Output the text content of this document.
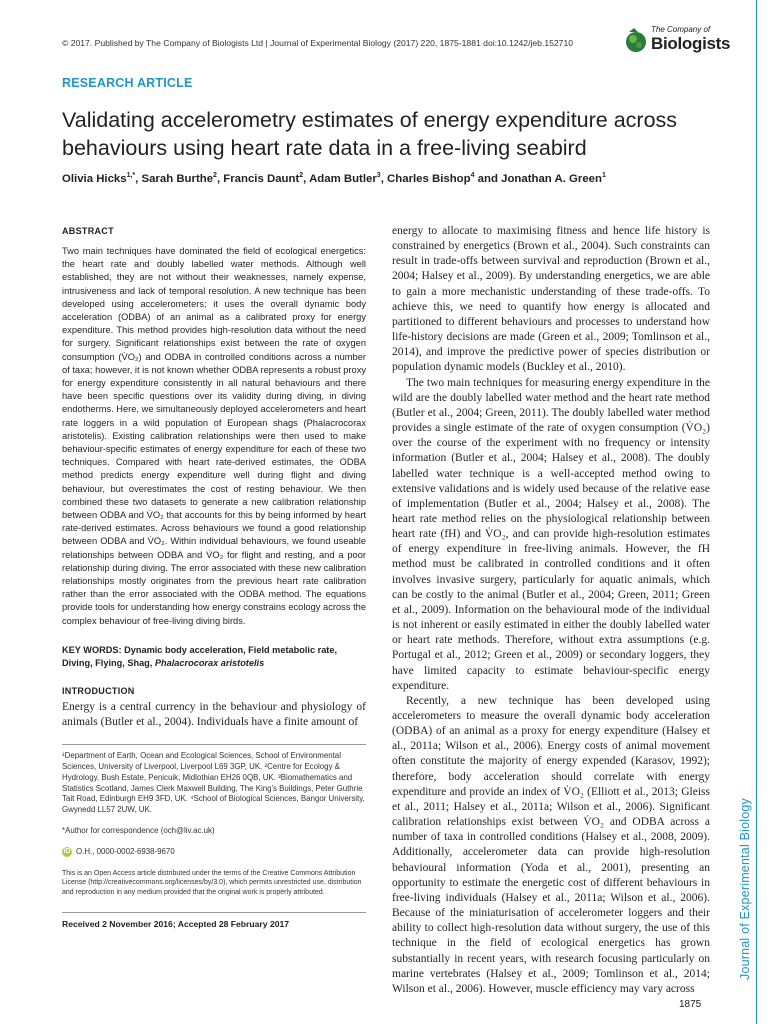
© 2017. Published by The Company of Biologists Ltd | Journal of Experimental Biology (2017) 220, 1875-1881 doi:10.1242/jeb.152710
The Company of
Biologists
RESEARCH ARTICLE
Validating accelerometry estimates of energy expenditure across behaviours using heart rate data in a free-living seabird
Olivia Hicks$^{1,*}$, Sarah Burthe$^2$, Francis Daunt$^2$, Adam Butler$^3$, Charles Bishop$^4$ and Jonathan A. Green$^1$
ABSTRACT

Two main techniques have dominated the field of ecological energetics: the heart rate and doubly labelled water methods. Although well established, they are not without their weaknesses, namely expense, intrusiveness and lack of temporal resolution. A new technique has been developed using accelerometers; it uses the overall dynamic body acceleration (ODBA) of an animal as a calibrated proxy for energy expenditure. This method provides high-resolution data without the need for surgery. Significant relationships exist between the rate of oxygen consumption (V̇O₂) and ODBA in controlled conditions across a number of taxa; however, it is not known whether ODBA represents a robust proxy for energy expenditure consistently in all natural behaviours and there have been specific questions over its validity during diving, in diving endotherms. Here, we simultaneously deployed accelerometers and heart rate loggers in a wild population of European shags (Phalacrocorax aristotelis). Existing calibration relationships were then used to make behaviour-specific estimates of energy expenditure for each of these two techniques. Compared with heart rate-derived estimates, the ODBA method predicts energy expenditure well during flight and diving behaviour, but overestimates the cost of resting behaviour. We then combined these two datasets to generate a new calibration relationship between ODBA and V̇O₂ that accounts for this by being informed by heart rate-derived estimates. Across behaviours we found a good relationship between ODBA and V̇O₂. Within individual behaviours, we found useable relationships between ODBA and V̇O₂ for flight and resting, and a poor relationship during diving. The error associated with these new calibration relationships mostly originates from the previous heart rate calibration rather than the error associated with the ODBA method. The equations provide tools for understanding how energy constrains ecology across the complex behaviour of free-living diving birds.

KEY WORDS: Dynamic body acceleration, Field metabolic rate, Diving, Flying, Shag, Phalacrocorax aristotelis
INTRODUCTION

Energy is a central currency in the behaviour and physiology of animals (Butler et al., 2004). Individuals have a finite amount of

¹Department of Earth, Ocean and Ecological Sciences, School of Environmental Sciences, University of Liverpool, Liverpool L69 3GP, UK. ²Centre for Ecology & Hydrology, Bush Estate, Penicuik, Midlothian EH26 0QB, UK. ³Biomathematics and Statistics Scotland, James Clerk Maxwell Building, The King's Buildings, Peter Guthrie Tait Road, Edinburgh EH9 3FD, UK. ⁴School of Biological Sciences, Bangor University, Gwynedd LL57 2UW, UK.

*Author for correspondence (och@liv.ac.uk)
iD O.H., 0000-0002-6938-9670
This is an Open Access article distributed under the terms of the Creative Commons Attribution License (http://creativecommons.org/licenses/by/3.0), which permits unrestricted use, distribution and reproduction in any medium provided that the original work is properly attributed.
Received 2 November 2016; Accepted 28 February 2017

energy to allocate to maximising fitness and hence life history is constrained by energetics (Brown et al., 2004). Such constraints can result in trade-offs between survival and reproduction (Brown et al., 2004; Halsey et al., 2009). By understanding energetics, we are able to gain a more mechanistic understanding of these trade-offs. To achieve this, we need to quantify how energy is allocated and partitioned to different behaviours and processes to understand how life-history decisions are made (Green et al., 2009; Tomlinson et al., 2014), and improve the predictive power of species distribution or population dynamic models (Buckley et al., 2010).

The two main techniques for measuring energy expenditure in the wild are the doubly labelled water method and the heart rate method (Butler et al., 2004; Green, 2011). The doubly labelled water method provides a single estimate of the rate of oxygen consumption (V̇O₂) over the course of the experiment with no frequency or intensity information (Butler et al., 2004; Halsey et al., 2008). The doubly labelled water technique is a well-accepted method owing to extensive validations and is widely used because of the relative ease of implementation (Butler et al., 2004; Halsey et al., 2008). The heart rate method relies on the physiological relationship between heart rate (fH) and V̇O₂, and can provide high-resolution estimates of energy expenditure in free-living animals. However, the fH method must be calibrated in controlled conditions and it often involves invasive surgery, particularly for aquatic animals, which can be costly to the animal (Butler et al., 2004; Green, 2011; Green et al., 2009). Information on the behavioural mode of the individual is not inherent or easily estimated in either the doubly labelled water or heart rate methods. Therefore, without extra assumptions (e.g. Portugal et al., 2012; Green et al., 2009) or secondary loggers, they have limited capacity to estimate behaviour-specific energy expenditure.

Recently, a new technique has been developed using accelerometers to measure the overall dynamic body acceleration (ODBA) of an animal as a proxy for energy expenditure (Halsey et al., 2011a; Wilson et al., 2006). Energy costs of animal movement often constitute the majority of energy expended (Karasov, 1992); therefore, body acceleration should correlate with energy expenditure and provide an index of V̇O₂ (Elliott et al., 2013; Gleiss et al., 2011; Halsey et al., 2011a; Wilson et al., 2006). Significant calibration relationships exist between V̇O₂ and ODBA across a number of taxa in controlled conditions (Halsey et al., 2008, 2009). Additionally, accelerometer data can provide high-resolution behavioural information (Yoda et al., 2001), presenting an opportunity to estimate the energetic cost of different behaviours in free-living individuals (Halsey et al., 2011a; Wilson et al., 2006). Because of the miniaturisation of accelerometer loggers and their ability to collect high-resolution data without surgery, the use of this technique in the field of ecological energetics has grown substantially in recent years, with research focusing particularly on marine vertebrates (Halsey et al., 2009; Tomlinson et al., 2014; Wilson et al., 2006). However, muscle efficiency may vary across

Journal of Experimental Biology
1875
